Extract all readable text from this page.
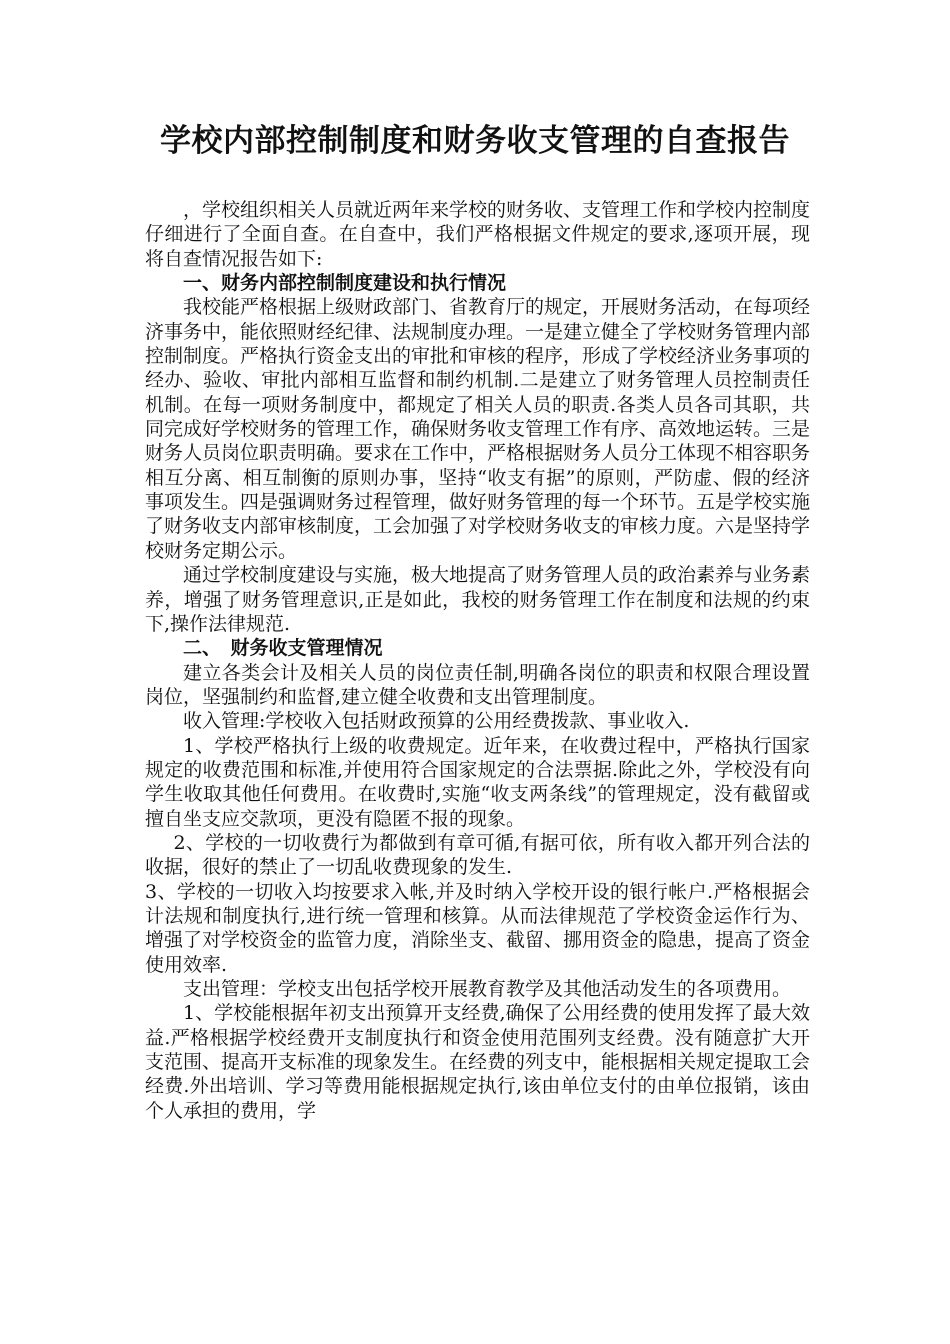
学校内部控制制度和财务收支管理的自查报告

，学校组织相关人员就近两年来学校的财务收、支管理工作和学校内控制度仔细进行了全面自查。在自查中，我们严格根据文件规定的要求,逐项开展，现将自查情况报告如下:

一、财务内部控制制度建设和执行情况

我校能严格根据上级财政部门、省教育厅的规定，开展财务活动，在每项经济事务中，能依照财经纪律、法规制度办理。一是建立健全了学校财务管理内部控制制度。严格执行资金支出的审批和审核的程序，形成了学校经济业务事项的经办、验收、审批内部相互监督和制约机制.二是建立了财务管理人员控制责任机制。在每一项财务制度中，都规定了相关人员的职责.各类人员各司其职，共同完成好学校财务的管理工作，确保财务收支管理工作有序、高效地运转。三是财务人员岗位职责明确。要求在工作中，严格根据财务人员分工体现不相容职务相互分离、相互制衡的原则办事，坚持“收支有据”的原则，严防虚、假的经济事项发生。四是强调财务过程管理，做好财务管理的每一个环节。五是学校实施了财务收支内部审核制度，工会加强了对学校财务收支的审核力度。六是坚持学校财务定期公示。

通过学校制度建设与实施，极大地提高了财务管理人员的政治素养与业务素养，增强了财务管理意识,正是如此，我校的财务管理工作在制度和法规的约束下,操作法律规范.

二、　财务收支管理情况

建立各类会计及相关人员的岗位责任制,明确各岗位的职责和权限合理设置岗位，坚强制约和监督,建立健全收费和支出管理制度。

收入管理:学校收入包括财政预算的公用经费拨款、事业收入.

1、学校严格执行上级的收费规定。近年来，在收费过程中，严格执行国家规定的收费范围和标准,并使用符合国家规定的合法票据.除此之外，学校没有向学生收取其他任何费用。在收费时,实施“收支两条线”的管理规定，没有截留或擅自坐支应交款项，更没有隐匿不报的现象。

2、学校的一切收费行为都做到有章可循,有据可依，所有收入都开列合法的收据，很好的禁止了一切乱收费现象的发生.

3、学校的一切收入均按要求入帐,并及时纳入学校开设的银行帐户.严格根据会计法规和制度执行,进行统一管理和核算。从而法律规范了学校资金运作行为、增强了对学校资金的监管力度，消除坐支、截留、挪用资金的隐患，提高了资金使用效率.

支出管理：学校支出包括学校开展教育教学及其他活动发生的各项费用。

1、学校能根据年初支出预算开支经费,确保了公用经费的使用发挥了最大效益.严格根据学校经费开支制度执行和资金使用范围列支经费。没有随意扩大开支范围、提高开支标准的现象发生。在经费的列支中，能根据相关规定提取工会经费.外出培训、学习等费用能根据规定执行,该由单位支付的由单位报销，该由个人承担的费用，学
